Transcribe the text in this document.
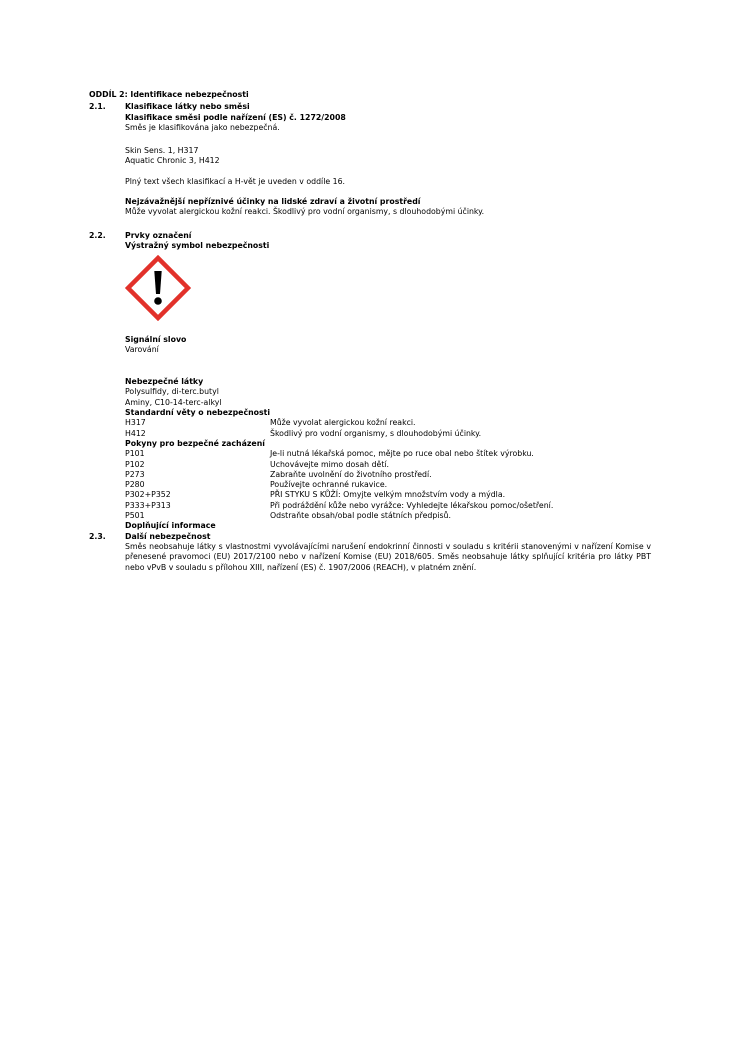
ODDÍL 2: Identifikace nebezpečnosti
2.1. Klasifikace látky nebo směsi
Klasifikace směsi podle nařízení (ES) č. 1272/2008
Směs je klasifikována jako nebezpečná.
Skin Sens. 1, H317
Aquatic Chronic 3, H412
Plný text všech klasifikací a H-vět je uveden v oddíle 16.
Nejzávažnější nepříznivé účinky na lidské zdraví a životní prostředí
Může vyvolat alergickou kožní reakci. Škodlivý pro vodní organismy, s dlouhodobými účinky.
2.2. Prvky označení
Výstražný symbol nebezpečnosti
Signální slovo
Varování
Nebezpečné látky
Polysulfidy, di-terc.butyl
Aminy, C10-14-terc-alkyl
Standardní věty o nebezpečnosti
H317	Může vyvolat alergickou kožní reakci.
H412	Škodlivý pro vodní organismy, s dlouhodobými účinky.
Pokyny pro bezpečné zacházení
P101	Je-li nutná lékařská pomoc, mějte po ruce obal nebo štítek výrobku.
P102	Uchovávejte mimo dosah dětí.
P273	Zabraňte uvolnění do životního prostředí.
P280	Používejte ochranné rukavice.
P302+P352	PŘI STYKU S KŮŽÍ: Omyjte velkým množstvím vody a mýdla.
P333+P313	Při podráždění kůže nebo vyrážce: Vyhledejte lékařskou pomoc/ošetření.
P501	Odstraňte obsah/obal podle státních předpisů.
Doplňující informace
2.3. Další nebezpečnost
Směs neobsahuje látky s vlastnostmi vyvolávajícími narušení endokrinní činnosti v souladu s kritérii stanovenými v nařízení Komise v přenesené pravomoci (EU) 2017/2100 nebo v nařízení Komise (EU) 2018/605. Směs neobsahuje látky splňující kritéria pro látky PBT nebo vPvB v souladu s přílohou XIII, nařízení (ES) č. 1907/2006 (REACH), v platném znění.
